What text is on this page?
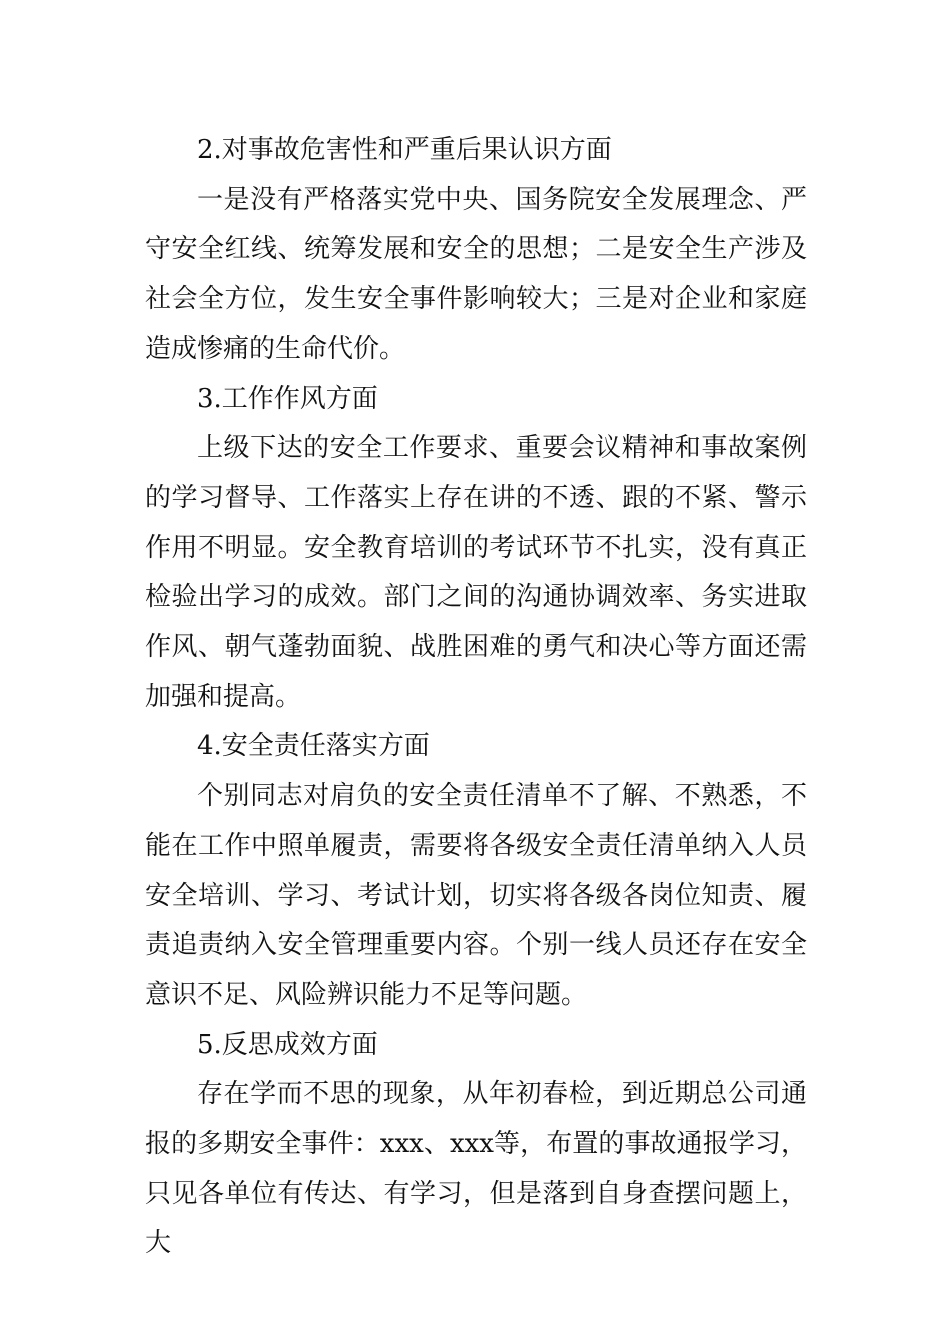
2.对事故危害性和严重后果认识方面

一是没有严格落实党中央、国务院安全发展理念、严守安全红线、统筹发展和安全的思想；二是安全生产涉及社会全方位，发生安全事件影响较大；三是对企业和家庭造成惨痛的生命代价。

3.工作作风方面

上级下达的安全工作要求、重要会议精神和事故案例的学习督导、工作落实上存在讲的不透、跟的不紧、警示作用不明显。安全教育培训的考试环节不扎实，没有真正检验出学习的成效。部门之间的沟通协调效率、务实进取作风、朝气蓬勃面貌、战胜困难的勇气和决心等方面还需加强和提高。

4.安全责任落实方面

个别同志对肩负的安全责任清单不了解、不熟悉，不能在工作中照单履责，需要将各级安全责任清单纳入人员安全培训、学习、考试计划，切实将各级各岗位知责、履责追责纳入安全管理重要内容。个别一线人员还存在安全意识不足、风险辨识能力不足等问题。

5.反思成效方面

存在学而不思的现象，从年初春检，到近期总公司通报的多期安全事件：xxx、xxx等，布置的事故通报学习，只见各单位有传达、有学习，但是落到自身查摆问题上，大
